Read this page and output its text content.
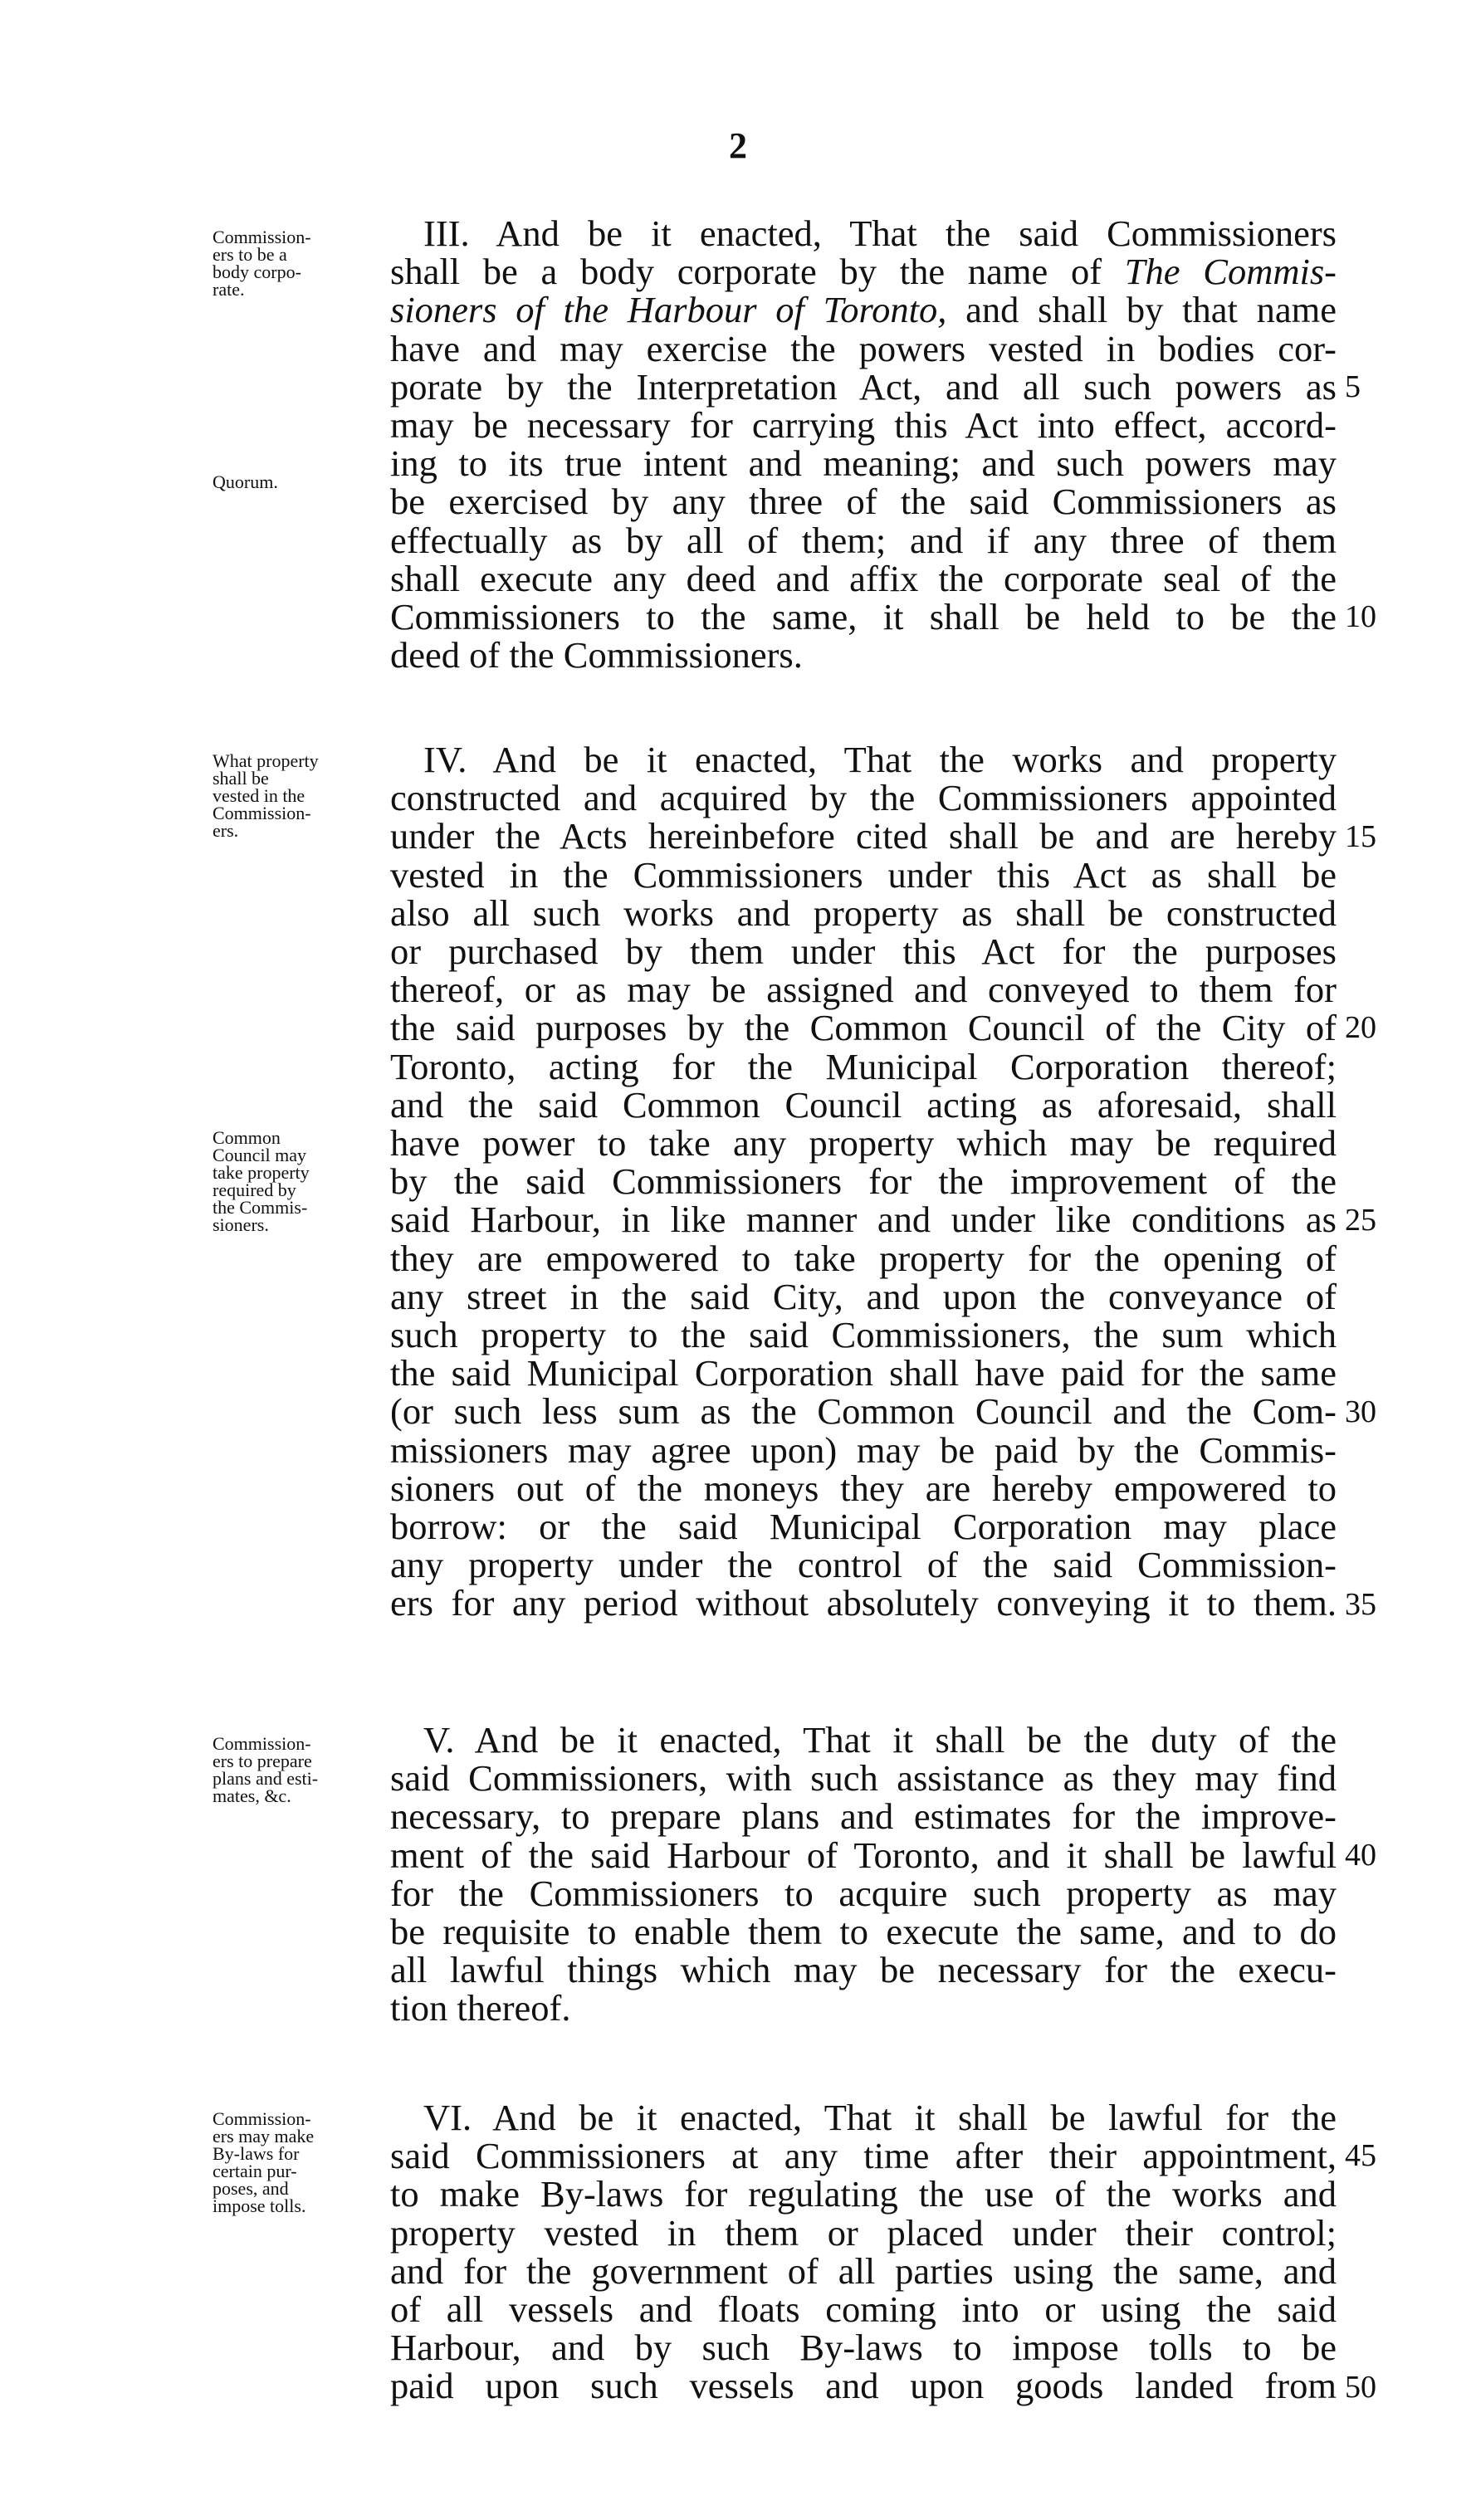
2
Commission-
ers to be a
body corpo-
rate.
Quorum.
III. And be it enacted, That the said Commissioners
shall be a body corporate by the name of The Commis-
sioners of the Harbour of Toronto, and shall by that name
have and may exercise the powers vested in bodies cor-
porate by the Interpretation Act, and all such powers as
may be necessary for carrying this Act into effect, accord-
ing to its true intent and meaning; and such powers may
be exercised by any three of the said Commissioners as
effectually as by all of them; and if any three of them
shall execute any deed and affix the corporate seal of the
Commissioners to the same, it shall be held to be the
deed of the Commissioners.
What property
shall be
vested in the
Commission-
ers.
Common
Council may
take property
required by
the Commis-
sioners.
IV. And be it enacted, That the works and property
constructed and acquired by the Commissioners appointed
under the Acts hereinbefore cited shall be and are hereby
vested in the Commissioners under this Act as shall be
also all such works and property as shall be constructed
or purchased by them under this Act for the purposes
thereof, or as may be assigned and conveyed to them for
the said purposes by the Common Council of the City of
Toronto, acting for the Municipal Corporation thereof;
and the said Common Council acting as aforesaid, shall
have power to take any property which may be required
by the said Commissioners for the improvement of the
said Harbour, in like manner and under like conditions as
they are empowered to take property for the opening of
any street in the said City, and upon the conveyance of
such property to the said Commissioners, the sum which
the said Municipal Corporation shall have paid for the same
(or such less sum as the Common Council and the Com-
missioners may agree upon) may be paid by the Commis-
sioners out of the moneys they are hereby empowered to
borrow: or the said Municipal Corporation may place
any property under the control of the said Commission-
ers for any period without absolutely conveying it to them.
Commission-
ers to prepare
plans and esti-
mates, &c.
V. And be it enacted, That it shall be the duty of the
said Commissioners, with such assistance as they may find
necessary, to prepare plans and estimates for the improve-
ment of the said Harbour of Toronto, and it shall be lawful
for the Commissioners to acquire such property as may
be requisite to enable them to execute the same, and to do
all lawful things which may be necessary for the execu-
tion thereof.
Commission-
ers may make
By-laws for
certain pur-
poses, and
impose tolls.
VI. And be it enacted, That it shall be lawful for the
said Commissioners at any time after their appointment,
to make By-laws for regulating the use of the works and
property vested in them or placed under their control;
and for the government of all parties using the same, and
of all vessels and floats coming into or using the said
Harbour, and by such By-laws to impose tolls to be
paid upon such vessels and upon goods landed from
5
10
15
20
25
30
35
40
45
50
